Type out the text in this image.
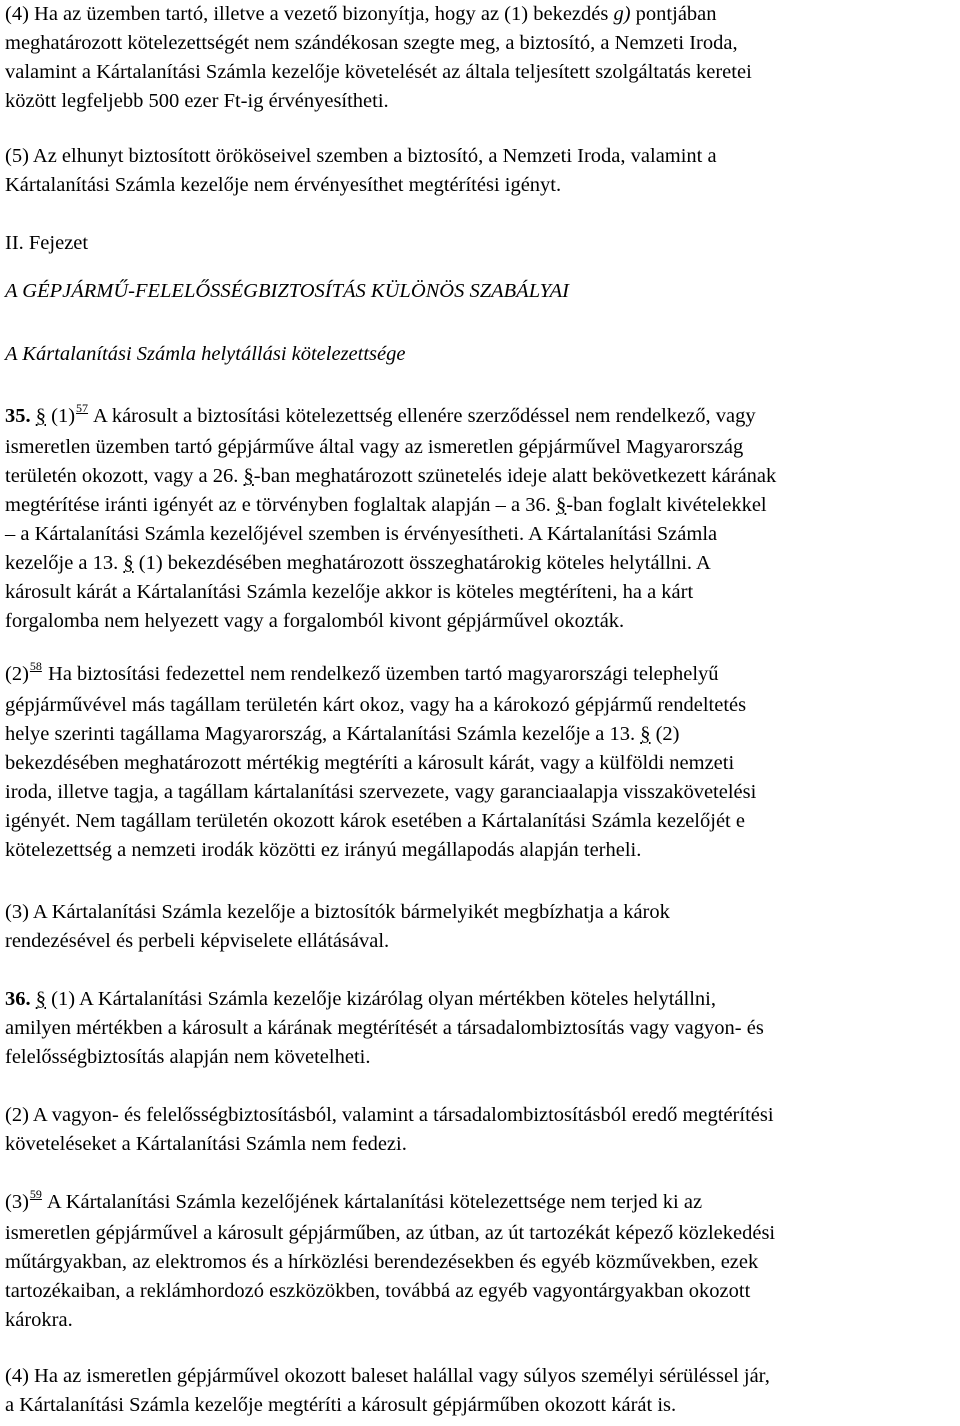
(4) Ha az üzemben tartó, illetve a vezető bizonyítja, hogy az (1) bekezdés g) pontjában
meghatározott kötelezettségét nem szándékosan szegte meg, a biztosító, a Nemzeti Iroda,
valamint a Kártalanítási Számla kezelője követelését az általa teljesített szolgáltatás keretei
között legfeljebb 500 ezer Ft-ig érvényesítheti.
(5) Az elhunyt biztosított örököseivel szemben a biztosító, a Nemzeti Iroda, valamint a
Kártalanítási Számla kezelője nem érvényesíthet megtérítési igényt.
II. Fejezet
A GÉPJÁRMŰ-FELELŐSSÉGBIZTOSÍTÁS KÜLÖNÖS SZABÁLYAI
A Kártalanítási Számla helytállási kötelezettsége
35. § (1)$^{57}$ A károsult a biztosítási kötelezettség ellenére szerződéssel nem rendelkező, vagy
ismeretlen üzemben tartó gépjárműve által vagy az ismeretlen gépjárművel Magyarország
területén okozott, vagy a 26. §-ban meghatározott szünetelés ideje alatt bekövetkezett kárának
megtérítése iránti igényét az e törvényben foglaltak alapján – a 36. §-ban foglalt kivételekkel
– a Kártalanítási Számla kezelőjével szemben is érvényesítheti. A Kártalanítási Számla
kezelője a 13. § (1) bekezdésében meghatározott összeghatárokig köteles helytállni. A
károsult kárát a Kártalanítási Számla kezelője akkor is köteles megtéríteni, ha a kárt
forgalomba nem helyezett vagy a forgalomból kivont gépjárművel okozták.
(2)$^{58}$ Ha biztosítási fedezettel nem rendelkező üzemben tartó magyarországi telephelyű
gépjárművével más tagállam területén kárt okoz, vagy ha a károkozó gépjármű rendeltetés
helye szerinti tagállama Magyarország, a Kártalanítási Számla kezelője a 13. § (2)
bekezdésében meghatározott mértékig megtéríti a károsult kárát, vagy a külföldi nemzeti
iroda, illetve tagja, a tagállam kártalanítási szervezete, vagy garanciaalapja visszakövetelési
igényét. Nem tagállam területén okozott károk esetében a Kártalanítási Számla kezelőjét e
kötelezettség a nemzeti irodák közötti ez irányú megállapodás alapján terheli.
(3) A Kártalanítási Számla kezelője a biztosítók bármelyikét megbízhatja a károk
rendezésével és perbeli képviselete ellátásával.
36. § (1) A Kártalanítási Számla kezelője kizárólag olyan mértékben köteles helytállni,
amilyen mértékben a károsult a kárának megtérítését a társadalombiztosítás vagy vagyon- és
felelősségbiztosítás alapján nem követelheti.
(2) A vagyon- és felelősségbiztosításból, valamint a társadalombiztosításból eredő megtérítési
követeléseket a Kártalanítási Számla nem fedezi.
(3)$^{59}$ A Kártalanítási Számla kezelőjének kártalanítási kötelezettsége nem terjed ki az
ismeretlen gépjárművel a károsult gépjárműben, az útban, az út tartozékát képező közlekedési
műtárgyakban, az elektromos és a hírközlési berendezésekben és egyéb közművekben, ezek
tartozékaiban, a reklámhordozó eszközökben, továbbá az egyéb vagyontárgyakban okozott
károkra.
(4) Ha az ismeretlen gépjárművel okozott baleset halállal vagy súlyos személyi sérüléssel jár,
a Kártalanítási Számla kezelője megtéríti a károsult gépjárműben okozott kárát is.
